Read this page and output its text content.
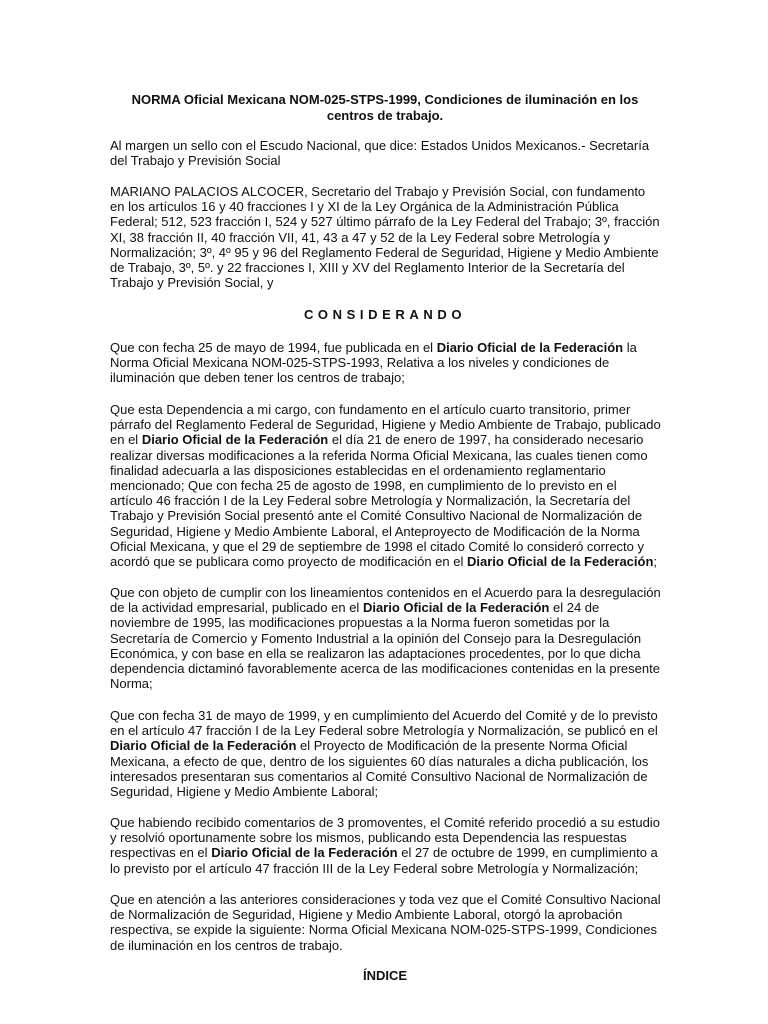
NORMA Oficial Mexicana NOM-025-STPS-1999, Condiciones de iluminación en los centros de trabajo.

Al margen un sello con el Escudo Nacional, que dice: Estados Unidos Mexicanos.- Secretaría del Trabajo y Previsión Social

MARIANO PALACIOS ALCOCER, Secretario del Trabajo y Previsión Social, con fundamento en los artículos 16 y 40 fracciones I y XI de la Ley Orgánica de la Administración Pública Federal; 512, 523 fracción I, 524 y 527 último párrafo de la Ley Federal del Trabajo; 3º, fracción XI, 38 fracción II, 40 fracción VII, 41, 43 a 47 y 52 de la Ley Federal sobre Metrología y Normalización; 3º, 4º 95 y 96 del Reglamento Federal de Seguridad, Higiene y Medio Ambiente de Trabajo, 3º, 5º. y 22 fracciones I, XIII y XV del Reglamento Interior de la Secretaría del Trabajo y Previsión Social, y

CONSIDERANDO

Que con fecha 25 de mayo de 1994, fue publicada en el Diario Oficial de la Federación la Norma Oficial Mexicana NOM-025-STPS-1993, Relativa a los niveles y condiciones de iluminación que deben tener los centros de trabajo;

Que esta Dependencia a mi cargo, con fundamento en el artículo cuarto transitorio, primer párrafo del Reglamento Federal de Seguridad, Higiene y Medio Ambiente de Trabajo, publicado en el Diario Oficial de la Federación el día 21 de enero de 1997, ha considerado necesario realizar diversas modificaciones a la referida Norma Oficial Mexicana, las cuales tienen como finalidad adecuarla a las disposiciones establecidas en el ordenamiento reglamentario mencionado; Que con fecha 25 de agosto de 1998, en cumplimiento de lo previsto en el artículo 46 fracción I de la Ley Federal sobre Metrología y Normalización, la Secretaría del Trabajo y Previsión Social presentó ante el Comité Consultivo Nacional de Normalización de Seguridad, Higiene y Medio Ambiente Laboral, el Anteproyecto de Modificación de la Norma Oficial Mexicana, y que el 29 de septiembre de 1998 el citado Comité lo consideró correcto y acordó que se publicara como proyecto de modificación en el Diario Oficial de la Federación;

Que con objeto de cumplir con los lineamientos contenidos en el Acuerdo para la desregulación de la actividad empresarial, publicado en el Diario Oficial de la Federación el 24 de noviembre de 1995, las modificaciones propuestas a la Norma fueron sometidas por la Secretaría de Comercio y Fomento Industrial a la opinión del Consejo para la Desregulación Económica, y con base en ella se realizaron las adaptaciones procedentes, por lo que dicha dependencia dictaminó favorablemente acerca de las modificaciones contenidas en la presente Norma;

Que con fecha 31 de mayo de 1999, y en cumplimiento del Acuerdo del Comité y de lo previsto en el artículo 47 fracción I de la Ley Federal sobre Metrología y Normalización, se publicó en el Diario Oficial de la Federación el Proyecto de Modificación de la presente Norma Oficial Mexicana, a efecto de que, dentro de los siguientes 60 días naturales a dicha publicación, los interesados presentaran sus comentarios al Comité Consultivo Nacional de Normalización de Seguridad, Higiene y Medio Ambiente Laboral;

Que habiendo recibido comentarios de 3 promoventes, el Comité referido procedió a su estudio y resolvió oportunamente sobre los mismos, publicando esta Dependencia las respuestas respectivas en el Diario Oficial de la Federación el 27 de octubre de 1999, en cumplimiento a lo previsto por el artículo 47 fracción III de la Ley Federal sobre Metrología y Normalización;

Que en atención a las anteriores consideraciones y toda vez que el Comité Consultivo Nacional de Normalización de Seguridad, Higiene y Medio Ambiente Laboral, otorgó la aprobación respectiva, se expide la siguiente: Norma Oficial Mexicana NOM-025-STPS-1999, Condiciones de iluminación en los centros de trabajo.

ÍNDICE
